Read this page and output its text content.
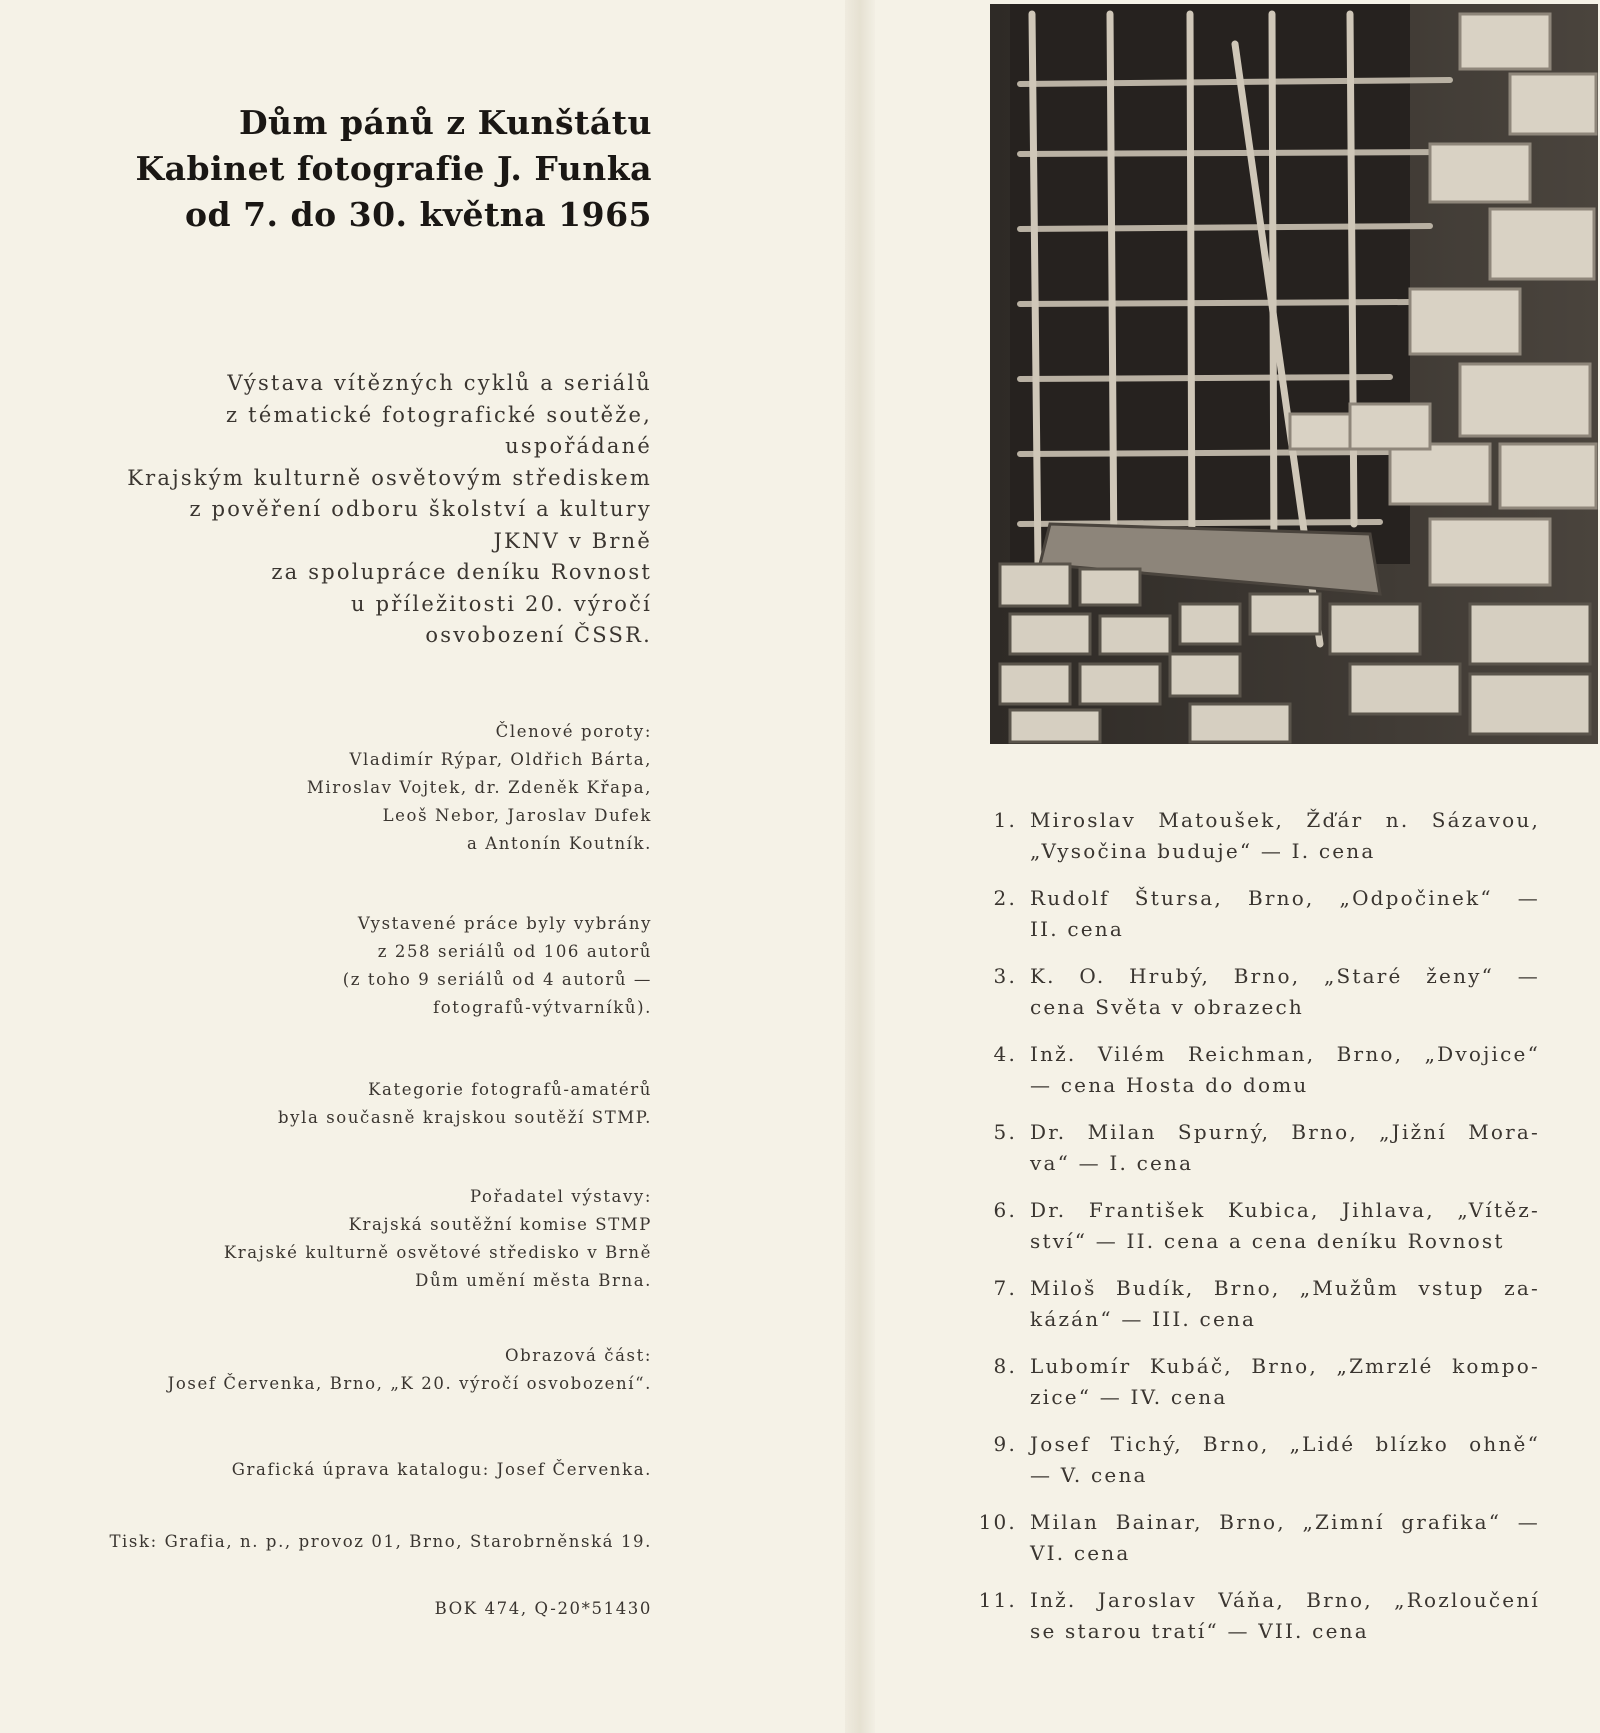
Dům pánů z Kunštátu
Kabinet fotografie J. Funka
od 7. do 30. května 1965
Výstava vítězných cyklů a seriálů
z tématické fotografické soutěže,
uspořádané
Krajským kulturně osvětovým střediskem
z pověření odboru školství a kultury
JKNV v Brně
za spolupráce deníku Rovnost
u příležitosti 20. výročí
osvobození ČSSR.
Členové poroty:
Vladimír Rýpar, Oldřich Bárta,
Miroslav Vojtek, dr. Zdeněk Křapa,
Leoš Nebor, Jaroslav Dufek
a Antonín Koutník.
Vystavené práce byly vybrány
z 258 seriálů od 106 autorů
(z toho 9 seriálů od 4 autorů —
fotografů-výtvarníků).
Kategorie fotografů-amatérů
byla současně krajskou soutěží STMP.
Pořadatel výstavy:
Krajská soutěžní komise STMP
Krajské kulturně osvětové středisko v Brně
Dům umění města Brna.
Obrazová část:
Josef Červenka, Brno, „K 20. výročí osvobození“.
Grafická úprava katalogu: Josef Červenka.
Tisk: Grafia, n. p., provoz 01, Brno, Starobrněnská 19.
BOK 474, Q-20*51430
1. Miroslav Matoušek, Žďár n. Sázavou,
„Vysočina buduje“ — I. cena
2. Rudolf Štursa, Brno, „Odpočinek“ —
II. cena
3. K. O. Hrubý, Brno, „Staré ženy“ —
cena Světa v obrazech
4. Inž. Vilém Reichman, Brno, „Dvojice“
— cena Hosta do domu
5. Dr. Milan Spurný, Brno, „Jižní Mora-
va“ — I. cena
6. Dr. František Kubica, Jihlava, „Vítěz-
ství“ — II. cena a cena deníku Rovnost
7. Miloš Budík, Brno, „Mužům vstup za-
kázán“ — III. cena
8. Lubomír Kubáč, Brno, „Zmrzlé kompo-
zice“ — IV. cena
9. Josef Tichý, Brno, „Lidé blízko ohně“
— V. cena
10. Milan Bainar, Brno, „Zimní grafika“ —
VI. cena
11. Inž. Jaroslav Váňa, Brno, „Rozloučení
se starou tratí“ — VII. cena
